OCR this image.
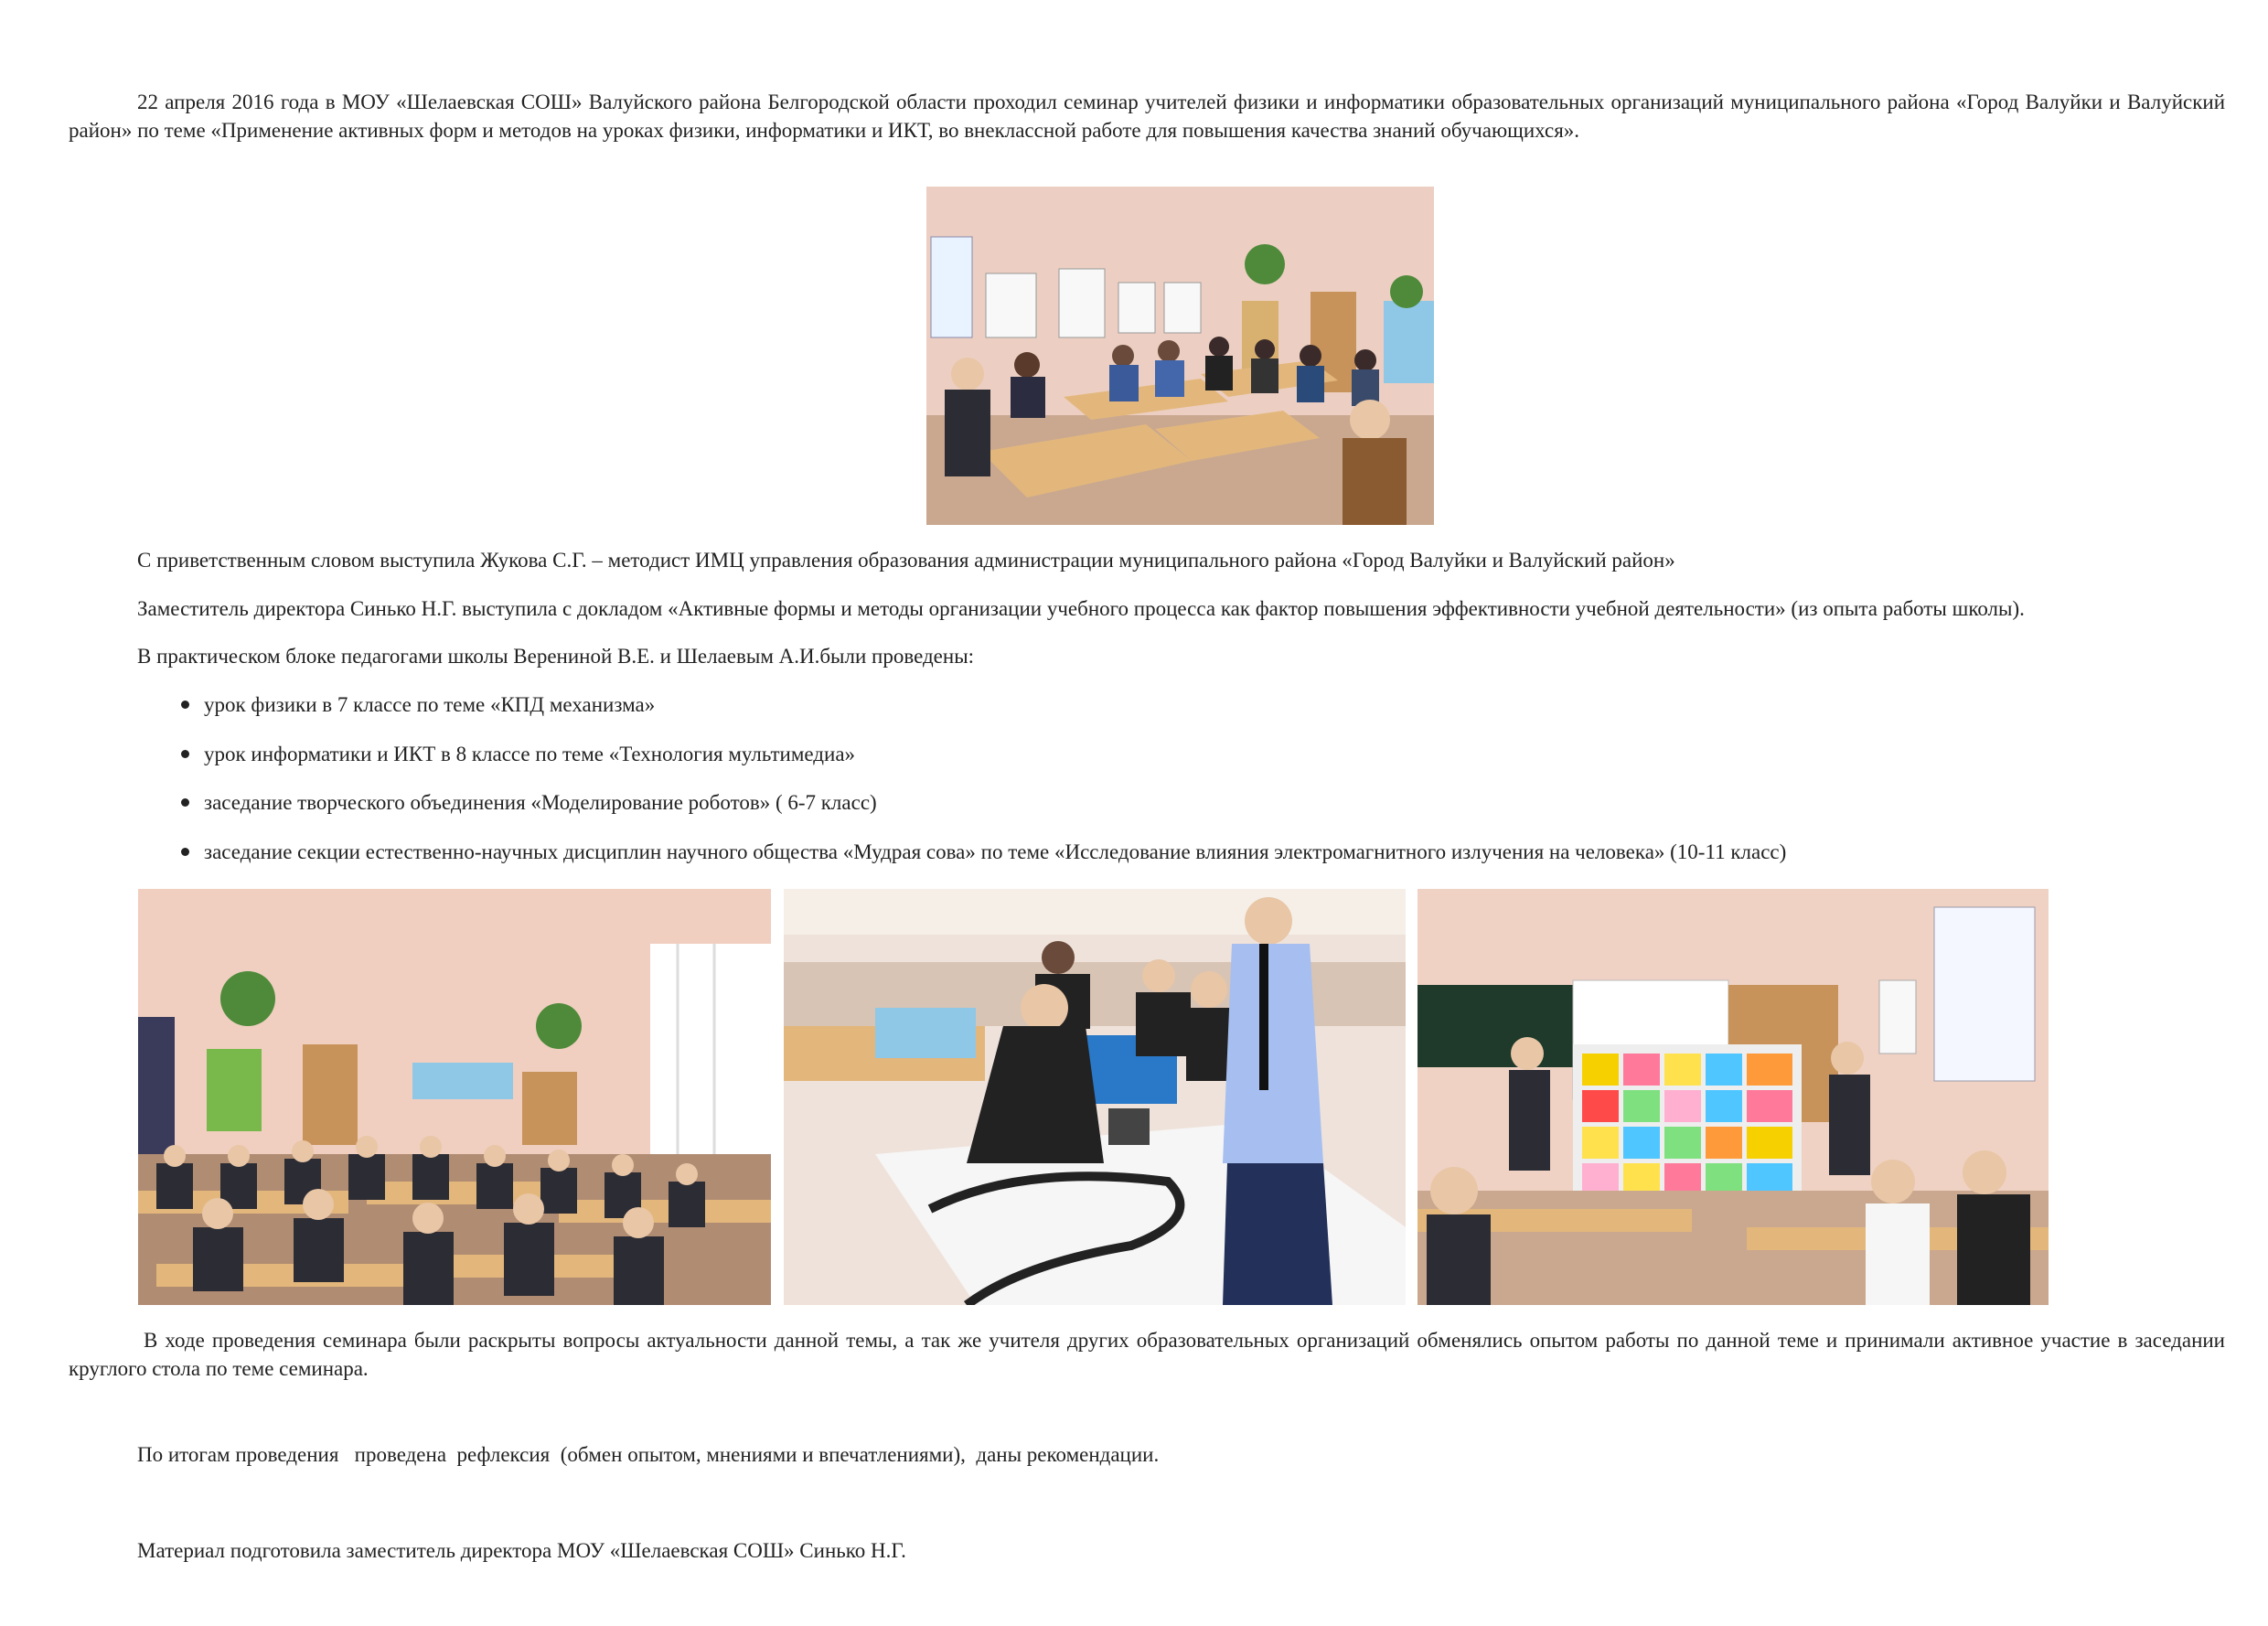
22 апреля 2016 года в МОУ «Шелаевская СОШ» Валуйского района Белгородской области проходил семинар учителей физики и информатики образовательных организаций муниципального района «Город Валуйки и Валуйский район» по теме «Применение активных форм и методов на уроках физики, информатики и ИКТ, во внеклассной работе для повышения качества знаний обучающихся».

С приветственным словом выступила Жукова С.Г. – методист ИМЦ управления образования администрации муниципального района «Город Валуйки и Валуйский район»

Заместитель директора Синько Н.Г. выступила с докладом «Активные формы и методы организации учебного процесса как фактор повышения эффективности учебной деятельности» (из опыта работы школы).

В практическом блоке педагогами школы Верениной В.Е. и Шелаевым А.И.были проведены:

урок физики в 7 классе по теме «КПД механизма»
урок информатики и ИКТ в 8 классе по теме «Технология мультимедиа»
заседание творческого объединения «Моделирование роботов» ( 6-7 класс)
заседание секции естественно-научных дисциплин научного общества «Мудрая сова» по теме «Исследование влияния электромагнитного излучения на человека» (10-11 класс)

В ходе проведения семинара были раскрыты вопросы актуальности данной темы, а так же учителя других образовательных организаций обменялись опытом работы по данной теме и принимали активное участие в заседании круглого стола по теме семинара.

По итогам проведения   проведена  рефлексия  (обмен опытом, мнениями и впечатлениями),  даны рекомендации.

Материал подготовила заместитель директора МОУ «Шелаевская СОШ» Синько Н.Г.
